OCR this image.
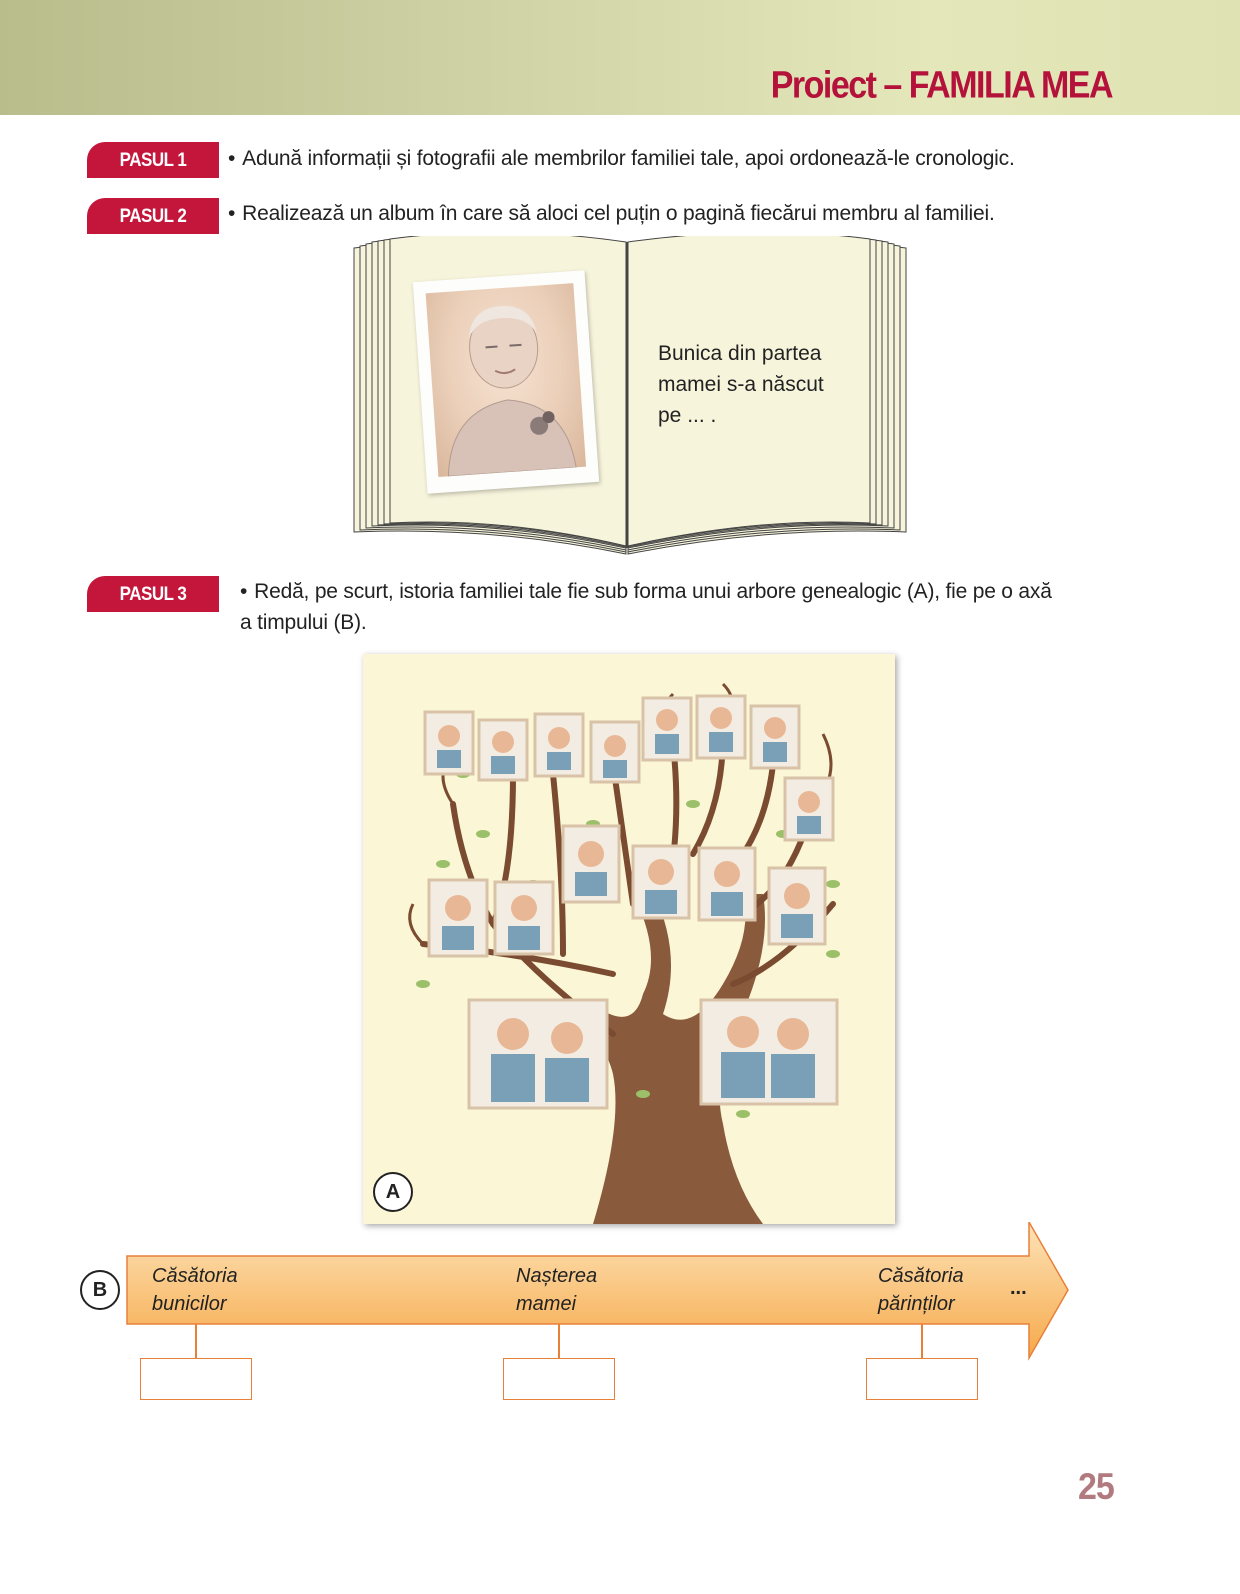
Proiect – FAMILIA MEA
PASUL 1 • Adună informații și fotografii ale membrilor familiei tale, apoi ordonează-le cronologic.
PASUL 2 • Realizează un album în care să aloci cel puțin o pagină fiecărui membru al familiei.
Bunica din partea
mamei s-a născut
pe ... .
PASUL 3	• Redă, pe scurt, istoria familiei tale fie sub forma unui arbore genealogic (A), fie pe o axă
a timpului (B).
A
B
Căsătoria
bunicilor
Nașterea
mamei
Căsătoria
părinților
...
25
